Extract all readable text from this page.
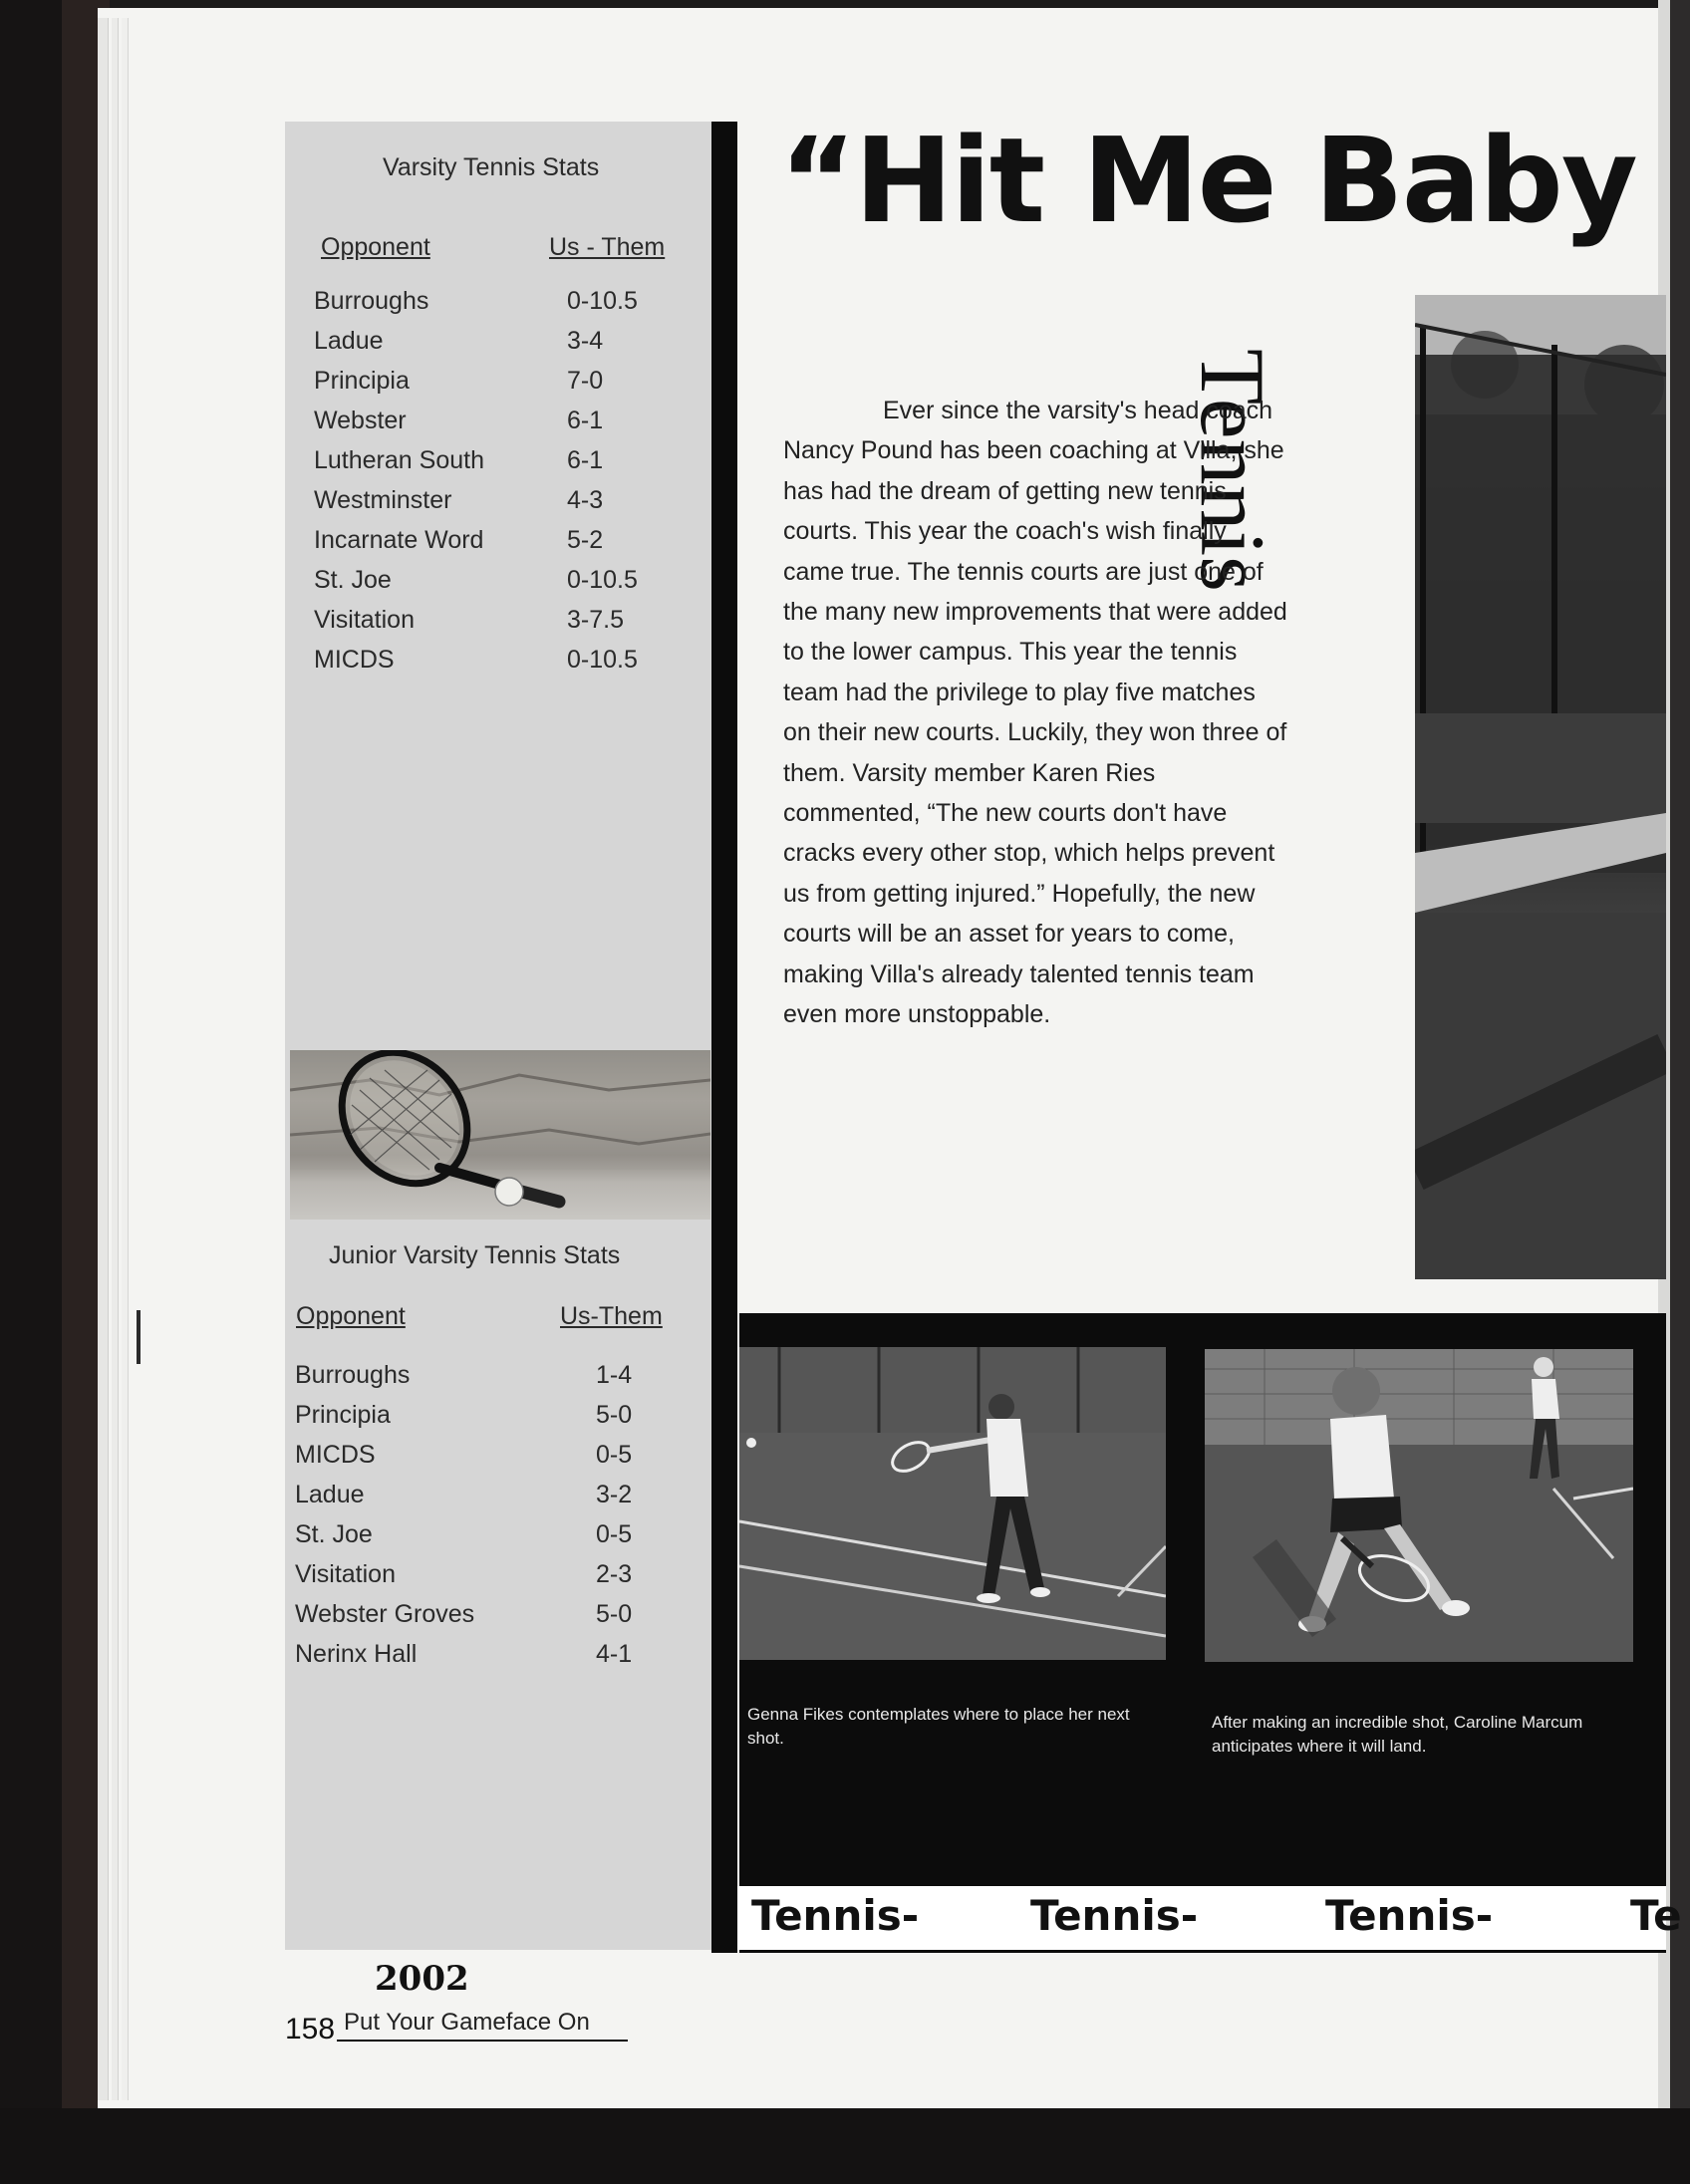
Varsity Tennis Stats
Opponent	Us - Them
Burroughs	0-10.5
Ladue	3-4
Principia	7-0
Webster	6-1
Lutheran South	6-1
Westminster	4-3
Incarnate Word	5-2
St. Joe	0-10.5
Visitation	3-7.5
MICDS	0-10.5
Junior Varsity Tennis Stats
Opponent	Us-Them
Burroughs	1-4
Principia	5-0
MICDS	0-5
Ladue	3-2
St. Joe	0-5
Visitation	2-3
Webster Groves	5-0
Nerinx Hall	4-1
“Hit Me Baby
Tennis

Ever since the varsity's head coach Nancy Pound has been coaching at Villa, she has had the dream of getting new tennis courts. This year the coach's wish finally came true. The tennis courts are just one of the many new improvements that were added to the lower campus. This year the tennis team had the privilege to play five matches on their new courts. Luckily, they won three of them. Varsity member Karen Ries commented, “The new courts don't have cracks every other stop, which helps prevent us from getting injured.” Hopefully, the new courts will be an asset for years to come, making Villa's already talented tennis team even more unstoppable.

Genna Fikes contemplates where to place her next shot.
After making an incredible shot, Caroline Marcum anticipates where it will land.
Tennis-	Tennis-	Tennis-	Te
2002
158 Put Your Gameface On
